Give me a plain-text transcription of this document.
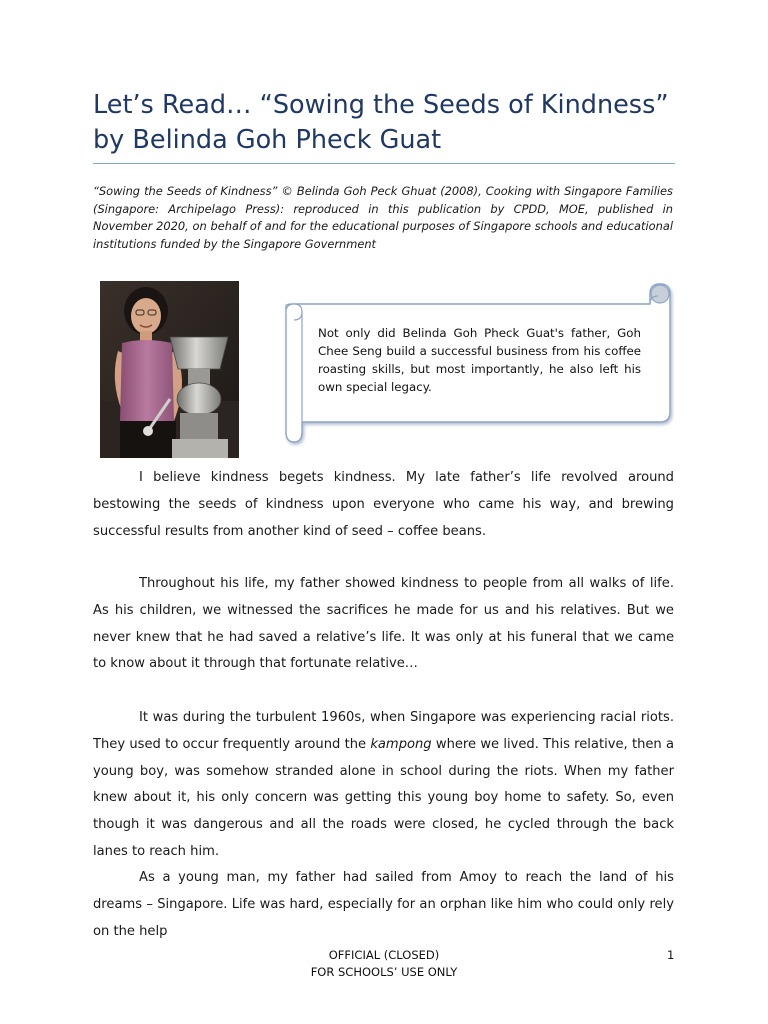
Let’s Read… “Sowing the Seeds of Kindness”
by Belinda Goh Pheck Guat

“Sowing the Seeds of Kindness” © Belinda Goh Peck Ghuat (2008), Cooking with Singapore Families (Singapore: Archipelago Press): reproduced in this publication by CPDD, MOE, published in November 2020, on behalf of and for the educational purposes of Singapore schools and educational institutions funded by the Singapore Government

Not only did Belinda Goh Pheck Guat's father, Goh Chee Seng build a successful business from his coffee roasting skills, but most importantly, he also left his own special legacy.

I believe kindness begets kindness. My late father’s life revolved around bestowing the seeds of kindness upon everyone who came his way, and brewing successful results from another kind of seed – coffee beans.

Throughout his life, my father showed kindness to people from all walks of life. As his children, we witnessed the sacrifices he made for us and his relatives. But we never knew that he had saved a relative’s life. It was only at his funeral that we came to know about it through that fortunate relative…

It was during the turbulent 1960s, when Singapore was experiencing racial riots. They used to occur frequently around the kampong where we lived. This relative, then a young boy, was somehow stranded alone in school during the riots. When my father knew about it, his only concern was getting this young boy home to safety. So, even though it was dangerous and all the roads were closed, he cycled through the back lanes to reach him.

As a young man, my father had sailed from Amoy to reach the land of his dreams – Singapore. Life was hard, especially for an orphan like him who could only rely on the help

OFFICIAL (CLOSED)
FOR SCHOOLS’ USE ONLY
1
